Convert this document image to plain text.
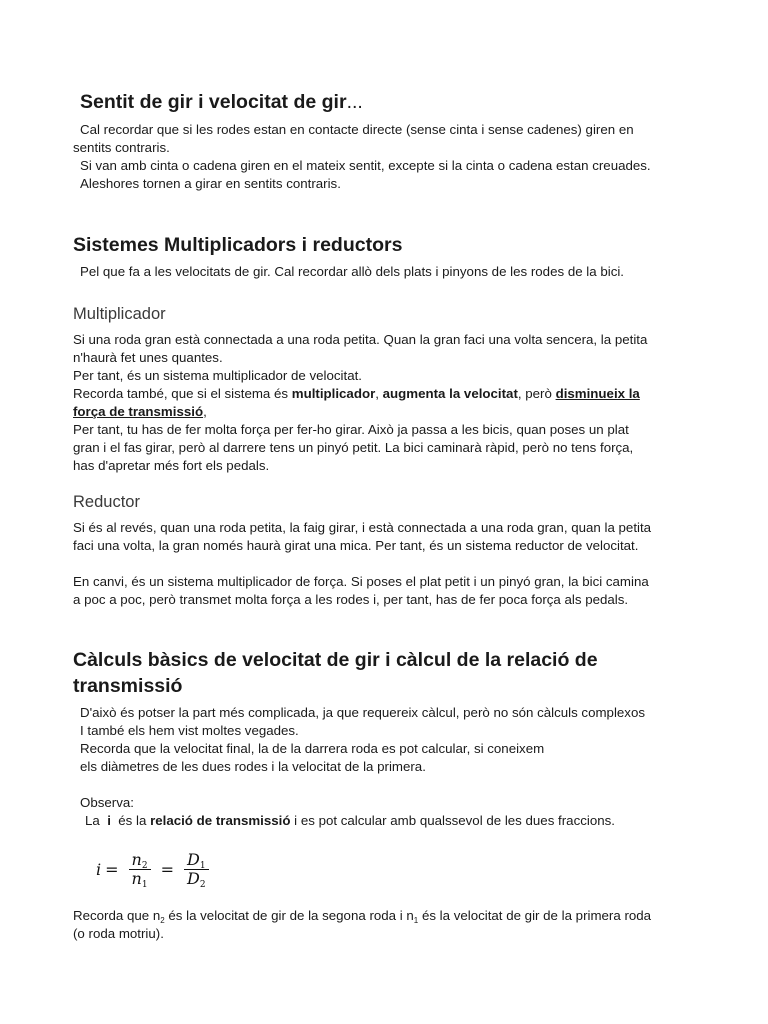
Sentit de gir i velocitat de gir...

Cal recordar que si les rodes estan en contacte directe (sense cinta i sense cadenes) giren en

sentits contraris.

Si van amb cinta o cadena giren en el mateix sentit, excepte si la cinta o cadena estan creuades.

Aleshores tornen a girar en sentits contraris.

Sistemes Multiplicadors i reductors

Pel que fa a les velocitats de gir. Cal recordar allò dels plats i pinyons de les rodes de la bici.

Multiplicador

Si una roda gran està connectada a una roda petita. Quan la gran faci una volta sencera, la petita

n'haurà fet unes quantes.

Per tant, és un sistema multiplicador de velocitat.

Recorda també, que si el sistema és multiplicador, augmenta la velocitat, però disminueix la

força de transmissió,

Per tant, tu has de fer molta força per fer-ho girar. Això ja passa a les bicis, quan poses un plat

gran i el fas girar, però al darrere tens un pinyó petit. La bici caminarà ràpid, però no tens força,

has d'apretar més fort els pedals.

Reductor

Si és al revés, quan una roda petita, la faig girar, i està connectada a una roda gran, quan la petita

faci una volta, la gran només haurà girat una mica. Per tant, és un sistema reductor de velocitat.

En canvi, és un sistema multiplicador de força. Si poses el plat petit i un pinyó gran, la bici camina

a poc a poc, però transmet molta força a les rodes i, per tant, has de fer poca força als pedals.

Càlculs bàsics de velocitat de gir i càlcul de la relació de
transmissió

D'això és potser la part més complicada, ja que requereix càlcul, però no són càlculs complexos

I també els hem vist moltes vegades.

Recorda que la velocitat final, la de la darrera roda es pot calcular, si coneixem

els diàmetres de les dues rodes i la velocitat de la primera.

Observa:

La  i  és la relació de transmissió i es pot calcular amb qualssevol de les dues fraccions.

$i = \frac{n_2}{n_1} = \frac{D_1}{D_2}$

Recorda que $n_2$ és la velocitat de gir de la segona roda i $n_1$ és la velocitat de gir de la primera roda

(o roda motriu).
